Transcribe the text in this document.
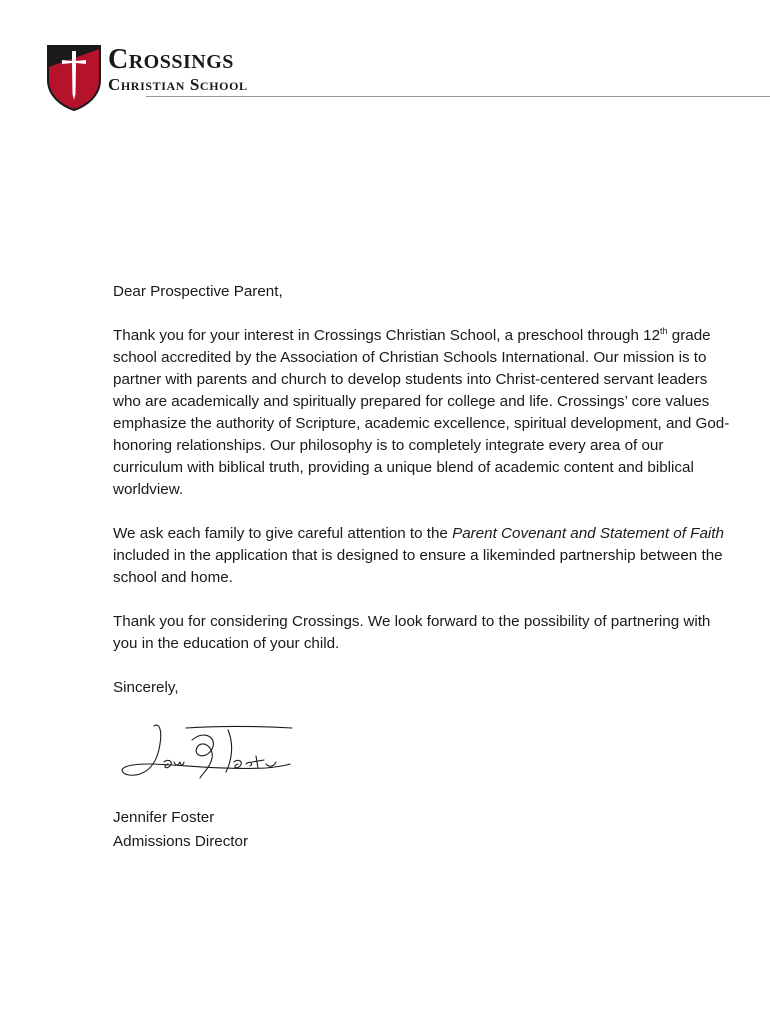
Crossings
Christian School

Dear Prospective Parent,

Thank you for your interest in Crossings Christian School, a preschool through 12th grade school accredited by the Association of Christian Schools International. Our mission is to partner with parents and church to develop students into Christ-centered servant leaders who are academically and spiritually prepared for college and life. Crossings’ core values emphasize the authority of Scripture, academic excellence, spiritual development, and God-honoring relationships. Our philosophy is to completely integrate every area of our curriculum with biblical truth, providing a unique blend of academic content and biblical worldview.

We ask each family to give careful attention to the Parent Covenant and Statement of Faith included in the application that is designed to ensure a likeminded partnership between the school and home.

Thank you for considering Crossings. We look forward to the possibility of partnering with you in the education of your child.

Sincerely,

Jennifer Foster
Admissions Director
